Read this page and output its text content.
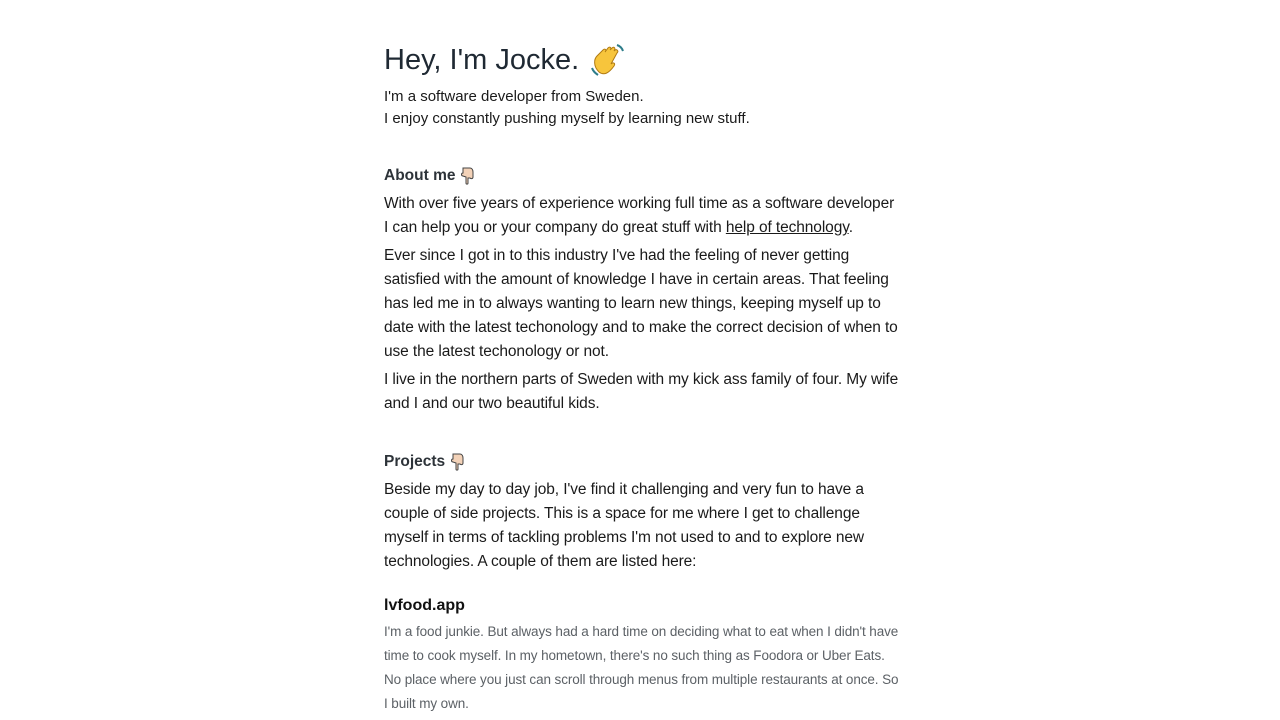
Hey, I'm Jocke.
I'm a software developer from Sweden.
I enjoy constantly pushing myself by learning new stuff.
About me

With over five years of experience working full time as a software developer I can help you or your company do great stuff with help of technology.

Ever since I got in to this industry I've had the feeling of never getting satisfied with the amount of knowledge I have in certain areas. That feeling has led me in to always wanting to learn new things, keeping myself up to date with the latest techonology and to make the correct decision of when to use the latest techonology or not.

I live in the northern parts of Sweden with my kick ass family of four. My wife and I and our two beautiful kids.

Projects

Beside my day to day job, I've find it challenging and very fun to have a couple of side projects. This is a space for me where I get to challenge myself in terms of tackling problems I'm not used to and to explore new technologies. A couple of them are listed here:

lvfood.app

I'm a food junkie. But always had a hard time on deciding what to eat when I didn't have time to cook myself. In my hometown, there's no such thing as Foodora or Uber Eats. No place where you just can scroll through menus from multiple restaurants at once. So I built my own.
